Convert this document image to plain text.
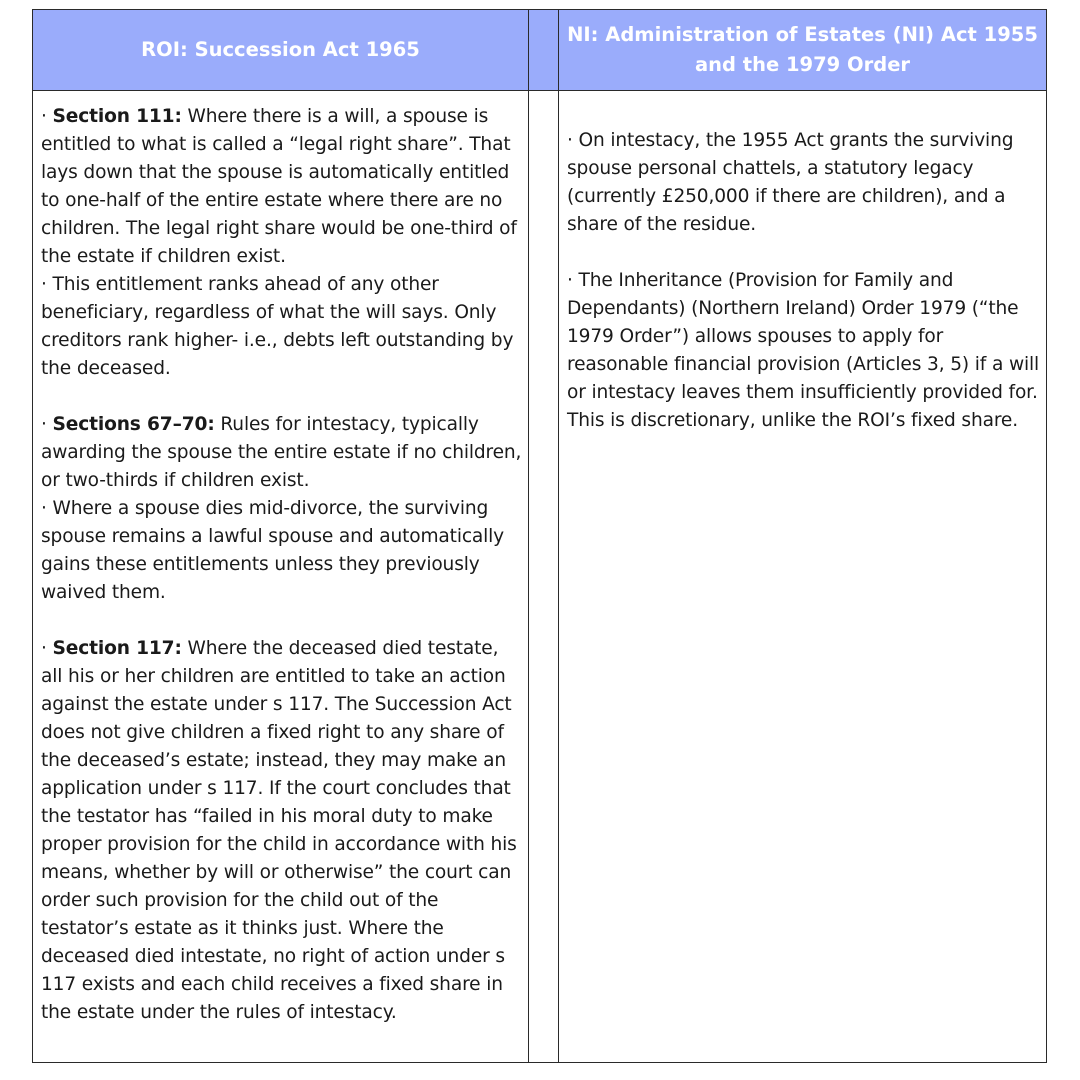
ROI: Succession Act 1965
NI: Administration of Estates (NI) Act 1955
and the 1979 Order

· Section 111: Where there is a will, a spouse is entitled to what is called a “legal right share”. That lays down that the spouse is automatically entitled to one-half of the entire estate where there are no children. The legal right share would be one-third of the estate if children exist.

· This entitlement ranks ahead of any other beneficiary, regardless of what the will says. Only creditors rank higher- i.e., debts left outstanding by the deceased.

· Sections 67–70: Rules for intestacy, typically awarding the spouse the entire estate if no children, or two-thirds if children exist.

· Where a spouse dies mid-divorce, the surviving spouse remains a lawful spouse and automatically gains these entitlements unless they previously waived them.

· Section 117: Where the deceased died testate, all his or her children are entitled to take an action against the estate under s 117. The Succession Act does not give children a fixed right to any share of the deceased’s estate; instead, they may make an application under s 117. If the court concludes that the testator has “failed in his moral duty to make proper provision for the child in accordance with his means, whether by will or otherwise” the court can order such provision for the child out of the testator’s estate as it thinks just. Where the deceased died intestate, no right of action under s 117 exists and each child receives a fixed share in the estate under the rules of intestacy.

· On intestacy, the 1955 Act grants the surviving spouse personal chattels, a statutory legacy (currently £250,000 if there are children), and a share of the residue.

· The Inheritance (Provision for Family and Dependants) (Northern Ireland) Order 1979 (“the 1979 Order”) allows spouses to apply for reasonable financial provision (Articles 3, 5) if a will or intestacy leaves them insufficiently provided for. This is discretionary, unlike the ROI’s fixed share.
